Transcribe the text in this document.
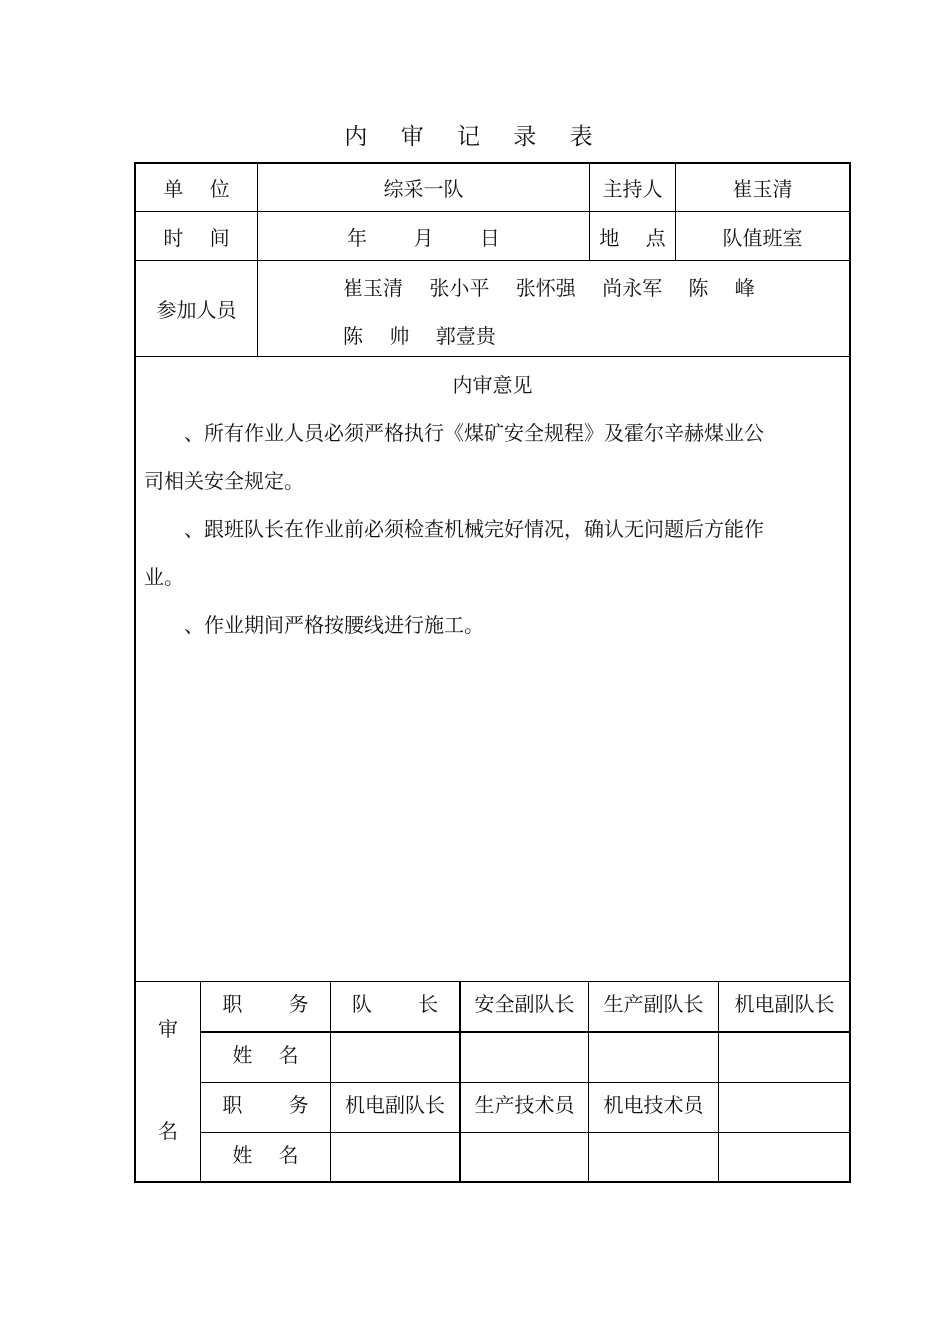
内 审 记 录 表
单 　位	综采一队	主持人	崔玉清
时 　间	年 　　月 　　日	地 　点	队值班室
参加人员
崔玉清 　张小平 　张怀强 　尚永军 　陈 　峰
陈 　帅 　郭壹贵
内审意见
　　、所有作业人员必须严格执行《煤矿安全规程》及霍尔辛赫煤业公
司相关安全规定。
　　、跟班队长在作业前必须检查机械完好情况，确认无问题后方能作
业。
　　、作业期间严格按腰线进行施工。
审
名
职 　　务	队 　　长	安全副队长	生产副队长	机电副队长
姓 　名
职 　　务	机电副队长	生产技术员	机电技术员
姓 　名
